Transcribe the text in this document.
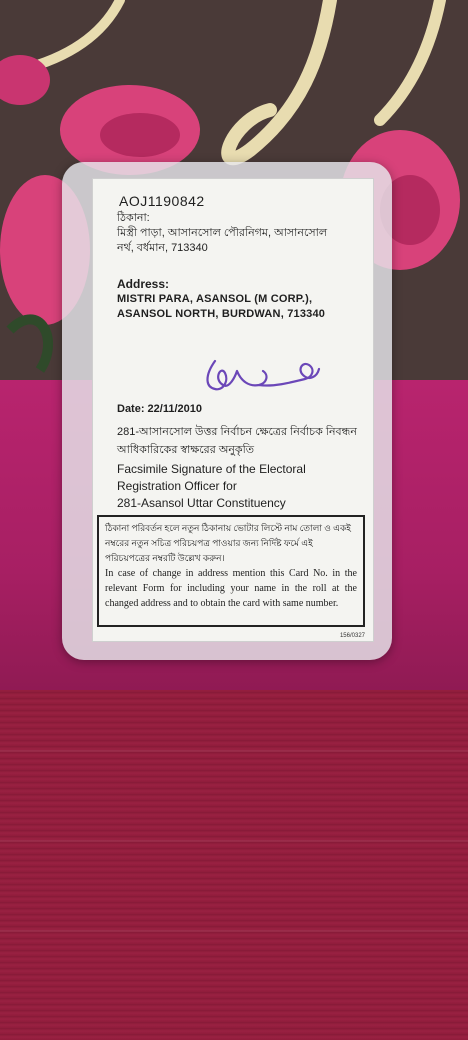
AOJ1190842
ঠিকানা:
মিস্ত্রী পাড়া, আসানসোল পৌরনিগম, আসানসোল
নর্থ, বর্ধমান, 713340
Address:
MISTRI PARA, ASANSOL (M CORP.),
ASANSOL NORTH, BURDWAN, 713340
Date: 22/11/2010
281-আসানসোল উত্তর নির্বাচন ক্ষেত্রের নির্বাচক নিবন্ধন
আধিকারিকের স্বাক্ষরের অনুকৃতি
Facsimile Signature of the Electoral
Registration Officer for
281-Asansol Uttar Constituency
ঠিকানা পরিবর্তন হলে নতুন ঠিকানায় ভোটার লিস্টে নাম তোলা ও একই
নম্বরের নতুন সচিত্র পরিচয়পত্র পাওয়ার জন্য নির্দিষ্ট ফর্মে এই
পরিচয়পত্রের নম্বরটি উল্লেখ করুন।
In case of change in address mention this Card No. in the relevant Form for including your name in the roll at the changed address and to obtain the card with same number.
156/0327
